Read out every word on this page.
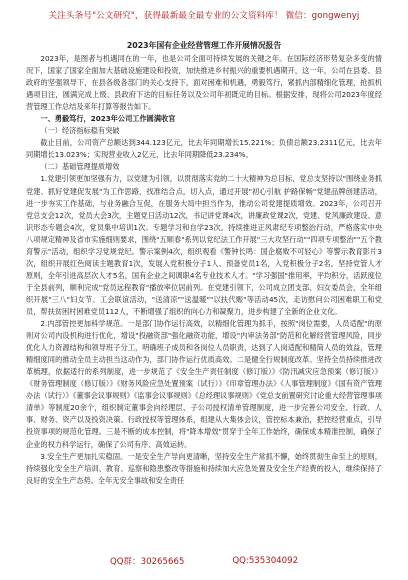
关注头条号"公文研究"，获得最新最全最专业的公文资料库！ 微信：gongwenyj
2023年国有企业经营管理工作开展情况报告

2023年，是图者与机遇同在的一年，也是公司全面可持续发展的关键之年。在国际经济形势复杂多变的情况下，国家了国家全面加大基础设施建设和投资，加快推进乡村振兴的重要机遇期开，这一年，公司在县委、县政府的坚强领导下，在县各级各部门的关心支持下，面对困难和机遇，勇毅笃行，紧抓内部精细化管理，抢抓机遇项目注，圆满完成上级、县政府下达的目标任务以及公司年初既定的目标。根据安排，现将公司2023年度经营管理工作总结及来年打算等报告如下。

一、勇毅笃行，2023年公司工作圆满收官

（一）经济指标稳有突破

截止目前，公司资产总额达到344.123亿元，比去年同期增长15.221%；负债总额23.2311亿元，比去年同期增长13.023%；实现营业收入2亿元，比去年同期降低23.234%。

（二）基础管理提质增效

1.党建引领更加坚强有力，以党建为引领，以贯彻落实党的二十大精神为总目标，党总支坚持以"围绕业务抓党建、抓好党建促发展"为工作思路，找准结合点，切入点，通过开展"初心引航 护路保畅"党建品牌创建活动，进一步夯实工作基础，与业务融合互促，在服务大局中担当作为，推动公司党建提质增效。2023年，公司召开党总支会12次，党员大会3次，主题党日活动12次，书记讲党课4次，讲廉政党课2次，党建、党风廉政建设、意识形态专题会4次，党员集中培训1次。专题学习和自学23次。持续推进正风肃纪专项整治行动，严格落实中央八项规定精神及省市实施细则要求，围绕"五顺春"系列以党纪法工作开展"三大攻坚行动""四项专项整治""五个教育警示"活动，组织学习党规党纪。警示案例4次，组织观看《警钟长鸣：国企腐败不可轻心》等警示教育影片3次，组织开展红色阅读主题教育1次，发展入党积极分子1人、预备党员1名，入党积极分子2名，坚持党管人才原则，全年引进高层次人才5名，国有企业之间调职4名专业技术人才。"学习强国"推用率，平均积分，活跃度位于全县前列，顺利完成"党员远程教育"播放率位居前列。在党建引领下，公司成立团支部、妇女委员会，全年组织开展"三八"妇女节、工会联谊活动，"送清凉""送温暖""以扶代赈"等活动45次，走访慰问公司困难职工和党员，帮扶贫困村困难党员112人，不断增强了组织的向心力和凝聚力，进步构建了全新的企业文化。

2.内部管控更加科学规范。一是部门协作运行高效，以精细化管理为抓手，按照"岗位需要，人员适配"的原则对公司内设机构进行优化，增设"投融资部"强化融资功能，增设"内审法务部"防范和化解经营管理风险，同步优化人力资源结构和领导班子分工，明确班子成员和各岗位人员职责，达到了人岗适配和精简人员的效益，管理精细度同的推动全员主动担当这动作为，部门协作运行优质高效。二是健全行规制度改革。坚持全员持续推进改革梳理，依据适行的系列制度，进一步规范了《安全生产责任制度（修订版）》《防汛减灾应急预案（修订版）》《财务管理制度（修订版）》《财务风险应急处置预案（试行）》《印章管理办法》《人事管理制度》《国有资产管理办法（试行）》《董事会议事规则》《监事会议事规则》《总经理议事规则》《党总支前置研究讨论重大经营管理事项清单》等制度20余个，组织制定董事会向经理层、子公司授权清单管理制度，进一步完善公司安全、行政、人事、财务、资产以及投资决策、行政授权等管理体系，组建从大集体会议，管控标本兼治，把控经营重点，引导投资事项的规范化管理。三是不断的成本控制，将"降本增效"贯穿于全年工作始终，确保成本精准控制，确保了企业的权力科学运行，确保了公司有序、高效运转。

3.安全生产更加扎实稳固。一是安全生产导向更清晰，坚持安全生产常抓不懈，始终贯彻生命至上的原则，持续强化安全生产培训、教育、巡察和隐患整改等措施和持续加大应急处置及安全生产经费的投入，继续保持了良好的安全生产态势。全年无安全事故和安全责任

QQ群：30265665	QQ:535304092
